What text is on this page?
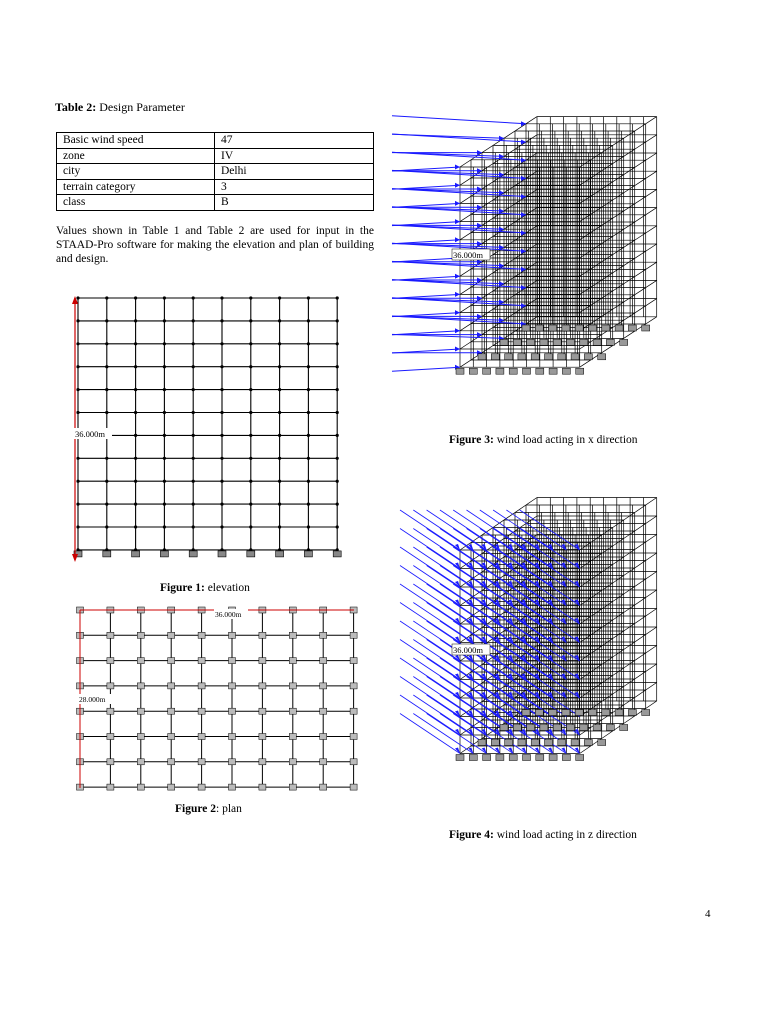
Table 2: Design Parameter
Basic wind speed	47
zone	IV
city	Delhi
terrain category	3
class	B
Values shown in Table 1 and Table 2 are used for input in the STAAD-Pro software for making the elevation and plan of building and design.
36.000m
Figure 1: elevation
36.000m
28.000m
Figure 2: plan
36.000m
Figure 3: wind load acting in x direction
36.000m
Figure 4: wind load acting in z direction
4
